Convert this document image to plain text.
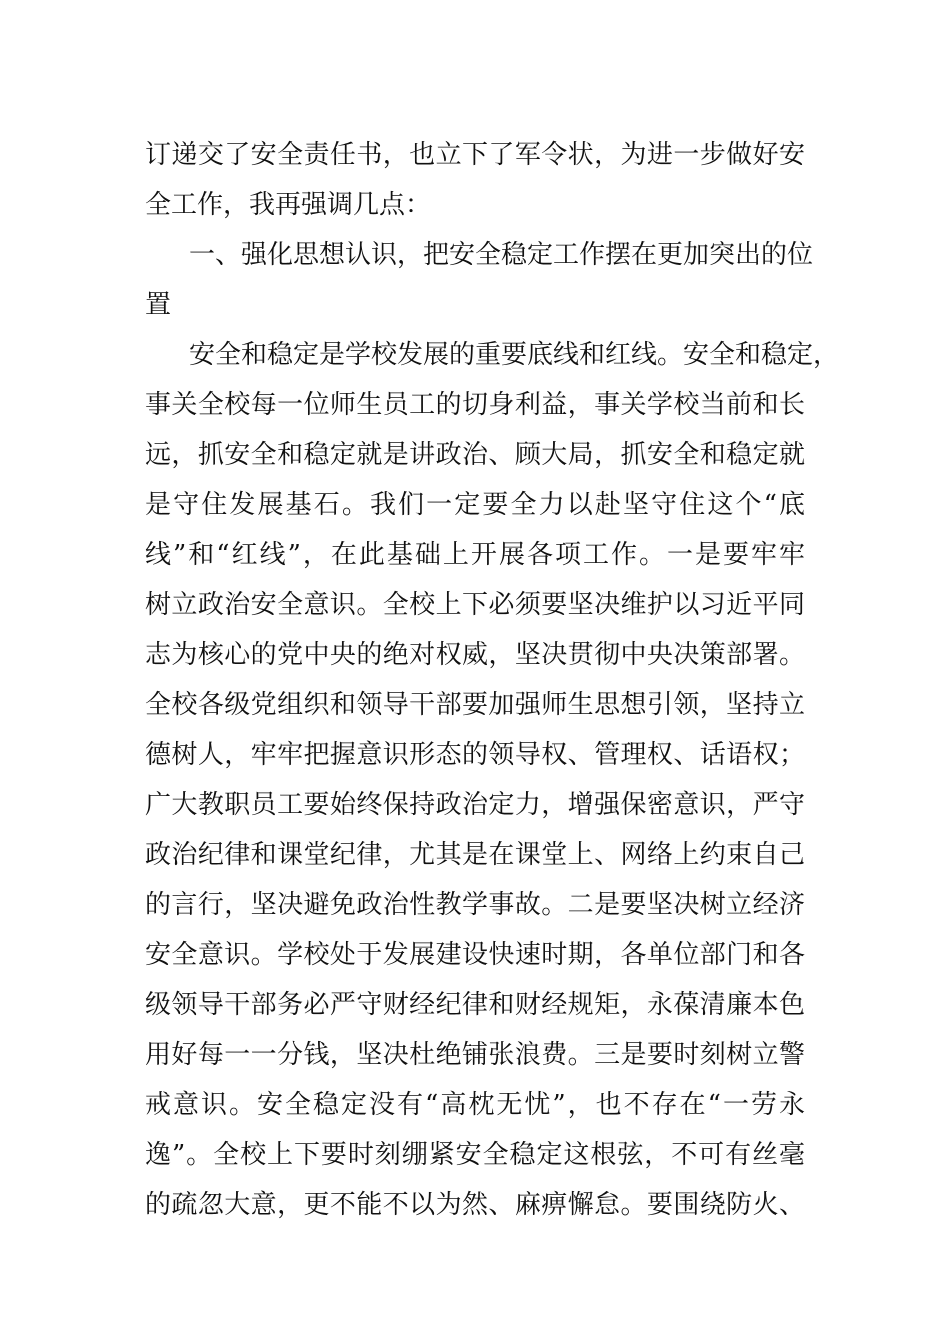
订递交了安全责任书，也立下了军令状，为进一步做好安
全工作，我再强调几点：
一、强化思想认识，把安全稳定工作摆在更加突出的位
置
安全和稳定是学校发展的重要底线和红线。安全和稳定，
事关全校每一位师生员工的切身利益，事关学校当前和长
远，抓安全和稳定就是讲政治、顾大局，抓安全和稳定就
是守住发展基石。我们一定要全力以赴坚守住这个“底
线”和“红线”，在此基础上开展各项工作。一是要牢牢
树立政治安全意识。全校上下必须要坚决维护以习近平同
志为核心的党中央的绝对权威，坚决贯彻中央决策部署。
全校各级党组织和领导干部要加强师生思想引领，坚持立
德树人，牢牢把握意识形态的领导权、管理权、话语权；
广大教职员工要始终保持政治定力，增强保密意识，严守
政治纪律和课堂纪律，尤其是在课堂上、网络上约束自己
的言行，坚决避免政治性教学事故。二是要坚决树立经济
安全意识。学校处于发展建设快速时期，各单位部门和各
级领导干部务必严守财经纪律和财经规矩，永葆清廉本色
用好每一一分钱，坚决杜绝铺张浪费。三是要时刻树立警
戒意识。安全稳定没有“高枕无忧”，也不存在“一劳永
逸”。全校上下要时刻绷紧安全稳定这根弦，不可有丝毫
的疏忽大意，更不能不以为然、麻痹懈怠。要围绕防火、
